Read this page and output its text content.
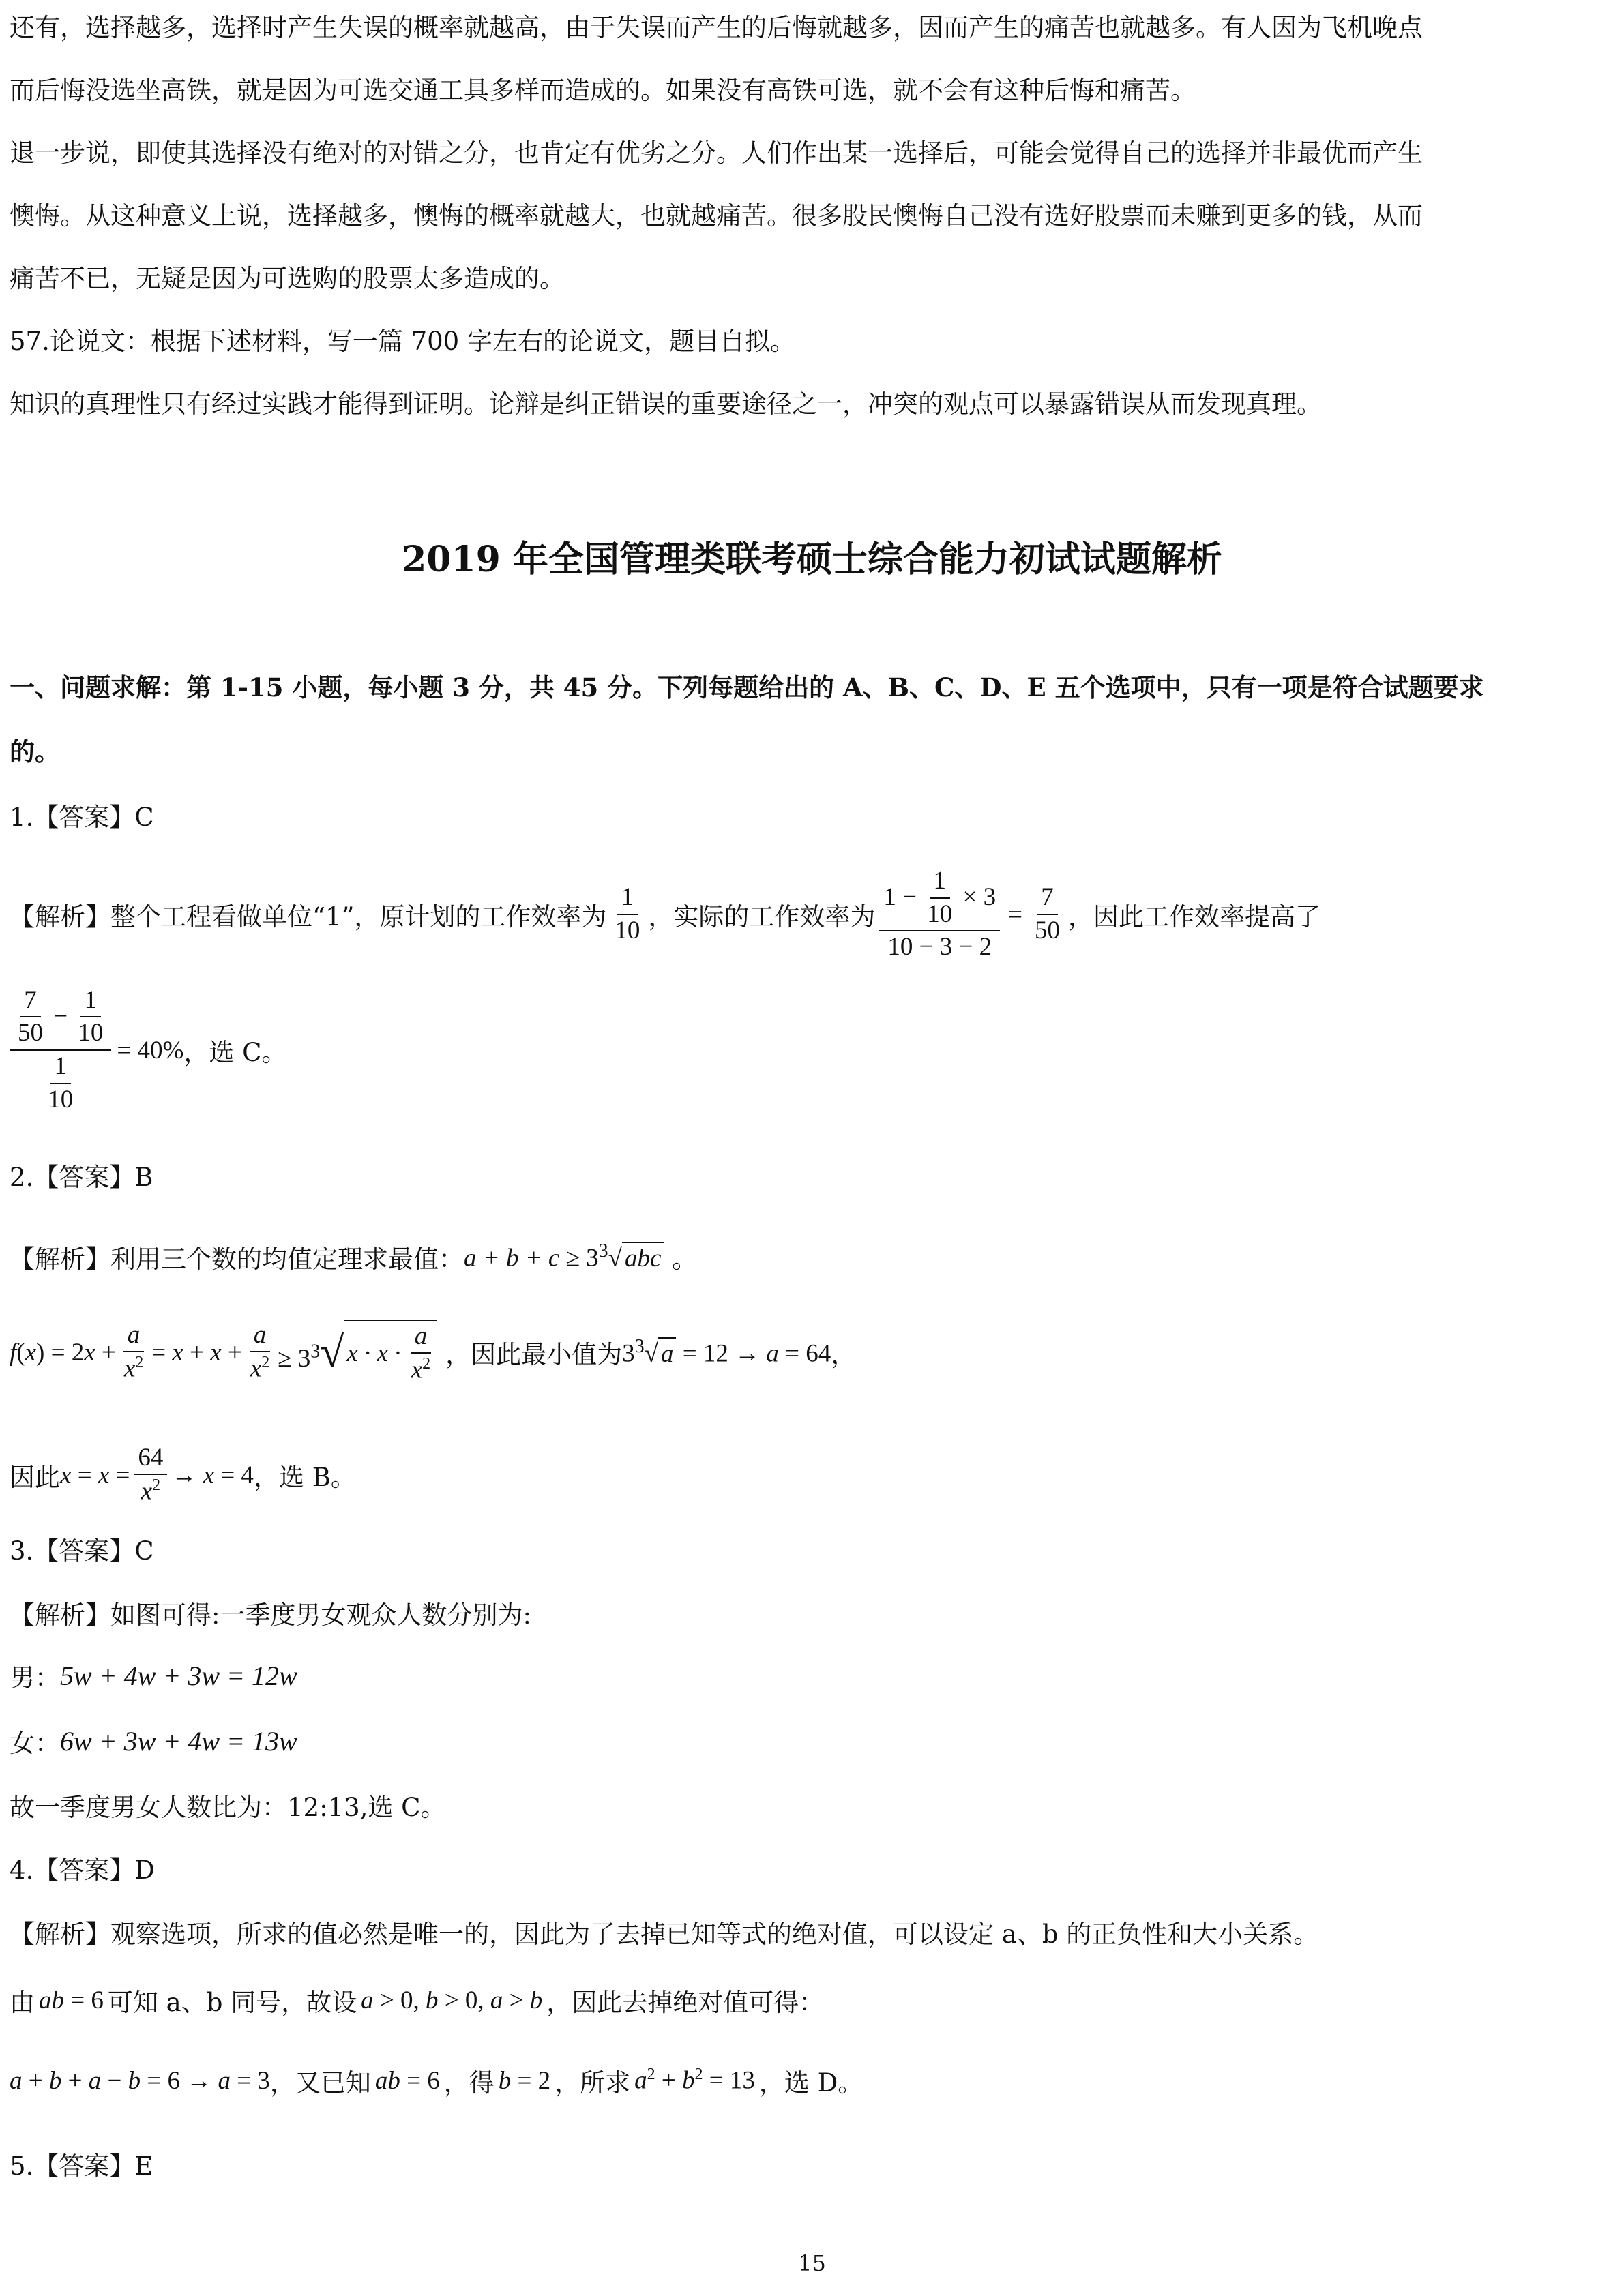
还有，选择越多，选择时产生失误的概率就越高，由于失误而产生的后悔就越多，因而产生的痛苦也就越多。有人因为飞机晚点
而后悔没选坐高铁，就是因为可选交通工具多样而造成的。如果没有高铁可选，就不会有这种后悔和痛苦。
退一步说，即使其选择没有绝对的对错之分，也肯定有优劣之分。人们作出某一选择后，可能会觉得自己的选择并非最优而产生
懊悔。从这种意义上说，选择越多，懊悔的概率就越大，也就越痛苦。很多股民懊悔自己没有选好股票而未赚到更多的钱，从而
痛苦不已，无疑是因为可选购的股票太多造成的。
57.论说文：根据下述材料，写一篇 700 字左右的论说文，题目自拟。
知识的真理性只有经过实践才能得到证明。论辩是纠正错误的重要途径之一，冲突的观点可以暴露错误从而发现真理。
2019 年全国管理类联考硕士综合能力初试试题解析
一、问题求解：第 1-15 小题，每小题 3 分，共 45 分。下列每题给出的 A、B、C、D、E 五个选项中，只有一项是符合试题要求
的。
1.【答案】C
【解析】整个工程看做单位“1”，原计划的工作效率为 $\frac{1}{10}$ ，实际的工作效率为 $\frac{1 - \frac{1}{10} \times 3}{10 - 3 - 2} = \frac{7}{50}$ ，因此工作效率提高了
$\frac{\frac{7}{50} - \frac{1}{10}}{\frac{1}{10}} = 40\%$ ，选 C。
2.【答案】B
【解析】利用三个数的均值定理求最值： $a + b + c \ge 3^3√$ abc 。
$f(x) = 2x + \frac{a}{x^2} = x + x + \frac{a}{x^2} \ge 3^3√$ $x \cdot x \cdot \frac{a}{x^2}$ ，因此最小值为 $3^3√$ a = 12 → a = 64 ，
因此 $x = x = \frac{64}{x^2} \to x = 4$ ，选 B。
3.【答案】C
【解析】如图可得:一季度男女观众人数分别为:
男： 5w + 4w + 3w = 12w
女： 6w + 3w + 4w = 13w
故一季度男女人数比为：12:13,选 C。
4.【答案】D
【解析】观察选项，所求的值必然是唯一的，因此为了去掉已知等式的绝对值，可以设定 a、b 的正负性和大小关系。
由 ab = 6 可知 a、b 同号，故设 a > 0, b > 0, a > b ，因此去掉绝对值可得：
a + b + a − b = 6 → a = 3 ，又已知 ab = 6 ，得 b = 2 ，所求 $a^2 + b^2 = 13$ ，选 D。
5.【答案】E
15
